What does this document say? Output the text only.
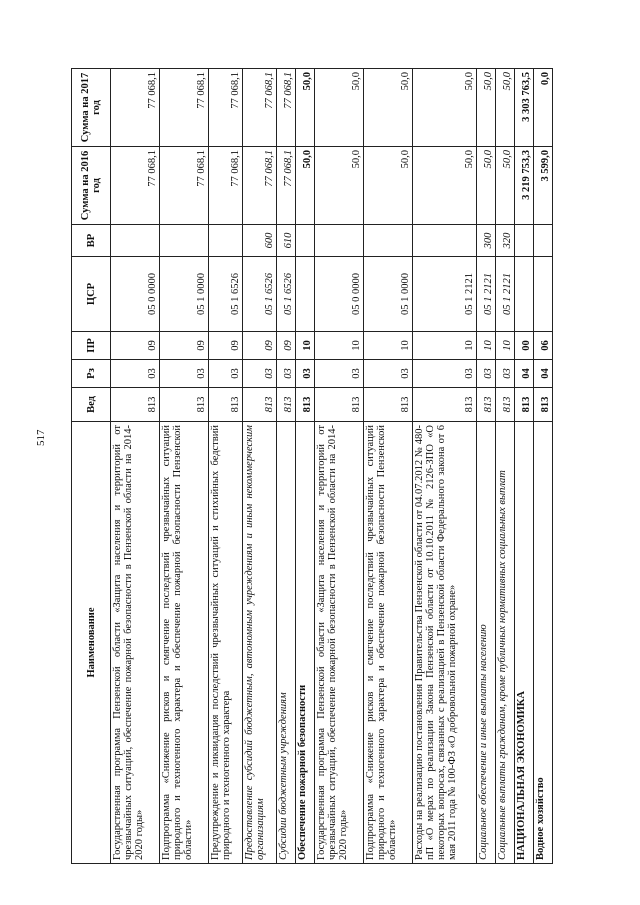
517
Наименование	Вед	Рз	ПР	ЦСР	ВР	Сумма на 2016 год	Сумма на 2017 год
Государственная программа Пензенской области «Защита населения и территорий от чрезвычайных ситуаций, обеспечение пожарной безопасности в Пензенской области на 2014-2020 годы»	813	03	09	05 0 0000		77 068,1	77 068,1
Подпрограмма «Снижение рисков и смягчение последствий чрезвычайных ситуаций природного и техногенного характера и обеспечение пожарной безопасности Пензенской области»	813	03	09	05 1 0000		77 068,1	77 068,1
Предупреждение и ликвидация последствий чрезвычайных ситуаций и стихийных бедствий природного и техногенного характера	813	03	09	05 1 6526		77 068,1	77 068,1
Предоставление субсидий бюджетным, автономным учреждениям и иным некоммерческим организациям	813	03	09	05 1 6526	600	77 068,1	77 068,1
Субсидии бюджетным учреждениям	813	03	09	05 1 6526	610	77 068,1	77 068,1
Обеспечение пожарной безопасности	813	03	10			50,0	50,0
Государственная программа Пензенской области «Защита населения и территорий от чрезвычайных ситуаций, обеспечение пожарной безопасности в Пензенской области на 2014-2020 годы»	813	03	10	05 0 0000		50,0	50,0
Подпрограмма «Снижение рисков и смягчение последствий чрезвычайных ситуаций природного и техногенного характера и обеспечение пожарной безопасности Пензенской области»	813	03	10	05 1 0000		50,0	50,0
Расходы на реализацию постановления Правительства Пензенской области от 04.07.2012 № 480-пП «О мерах по реализации Закона Пензенской области от 10.10.2011 № 2126-ЗПО «О некоторых вопросах, связанных с реализацией в Пензенской области Федерального закона от 6 мая 2011 года № 100-ФЗ «О добровольной пожарной охране»	813	03	10	05 1 2121		50,0	50,0
Социальное обеспечение и иные выплаты населению	813	03	10	05 1 2121	300	50,0	50,0
Социальные выплаты гражданам, кроме публичных нормативных социальных выплат	813	03	10	05 1 2121	320	50,0	50,0
НАЦИОНАЛЬНАЯ ЭКОНОМИКА	813	04	00			3 219 753,3	3 303 763,5
Водное хозяйство	813	04	06			3 599,0	0,0
